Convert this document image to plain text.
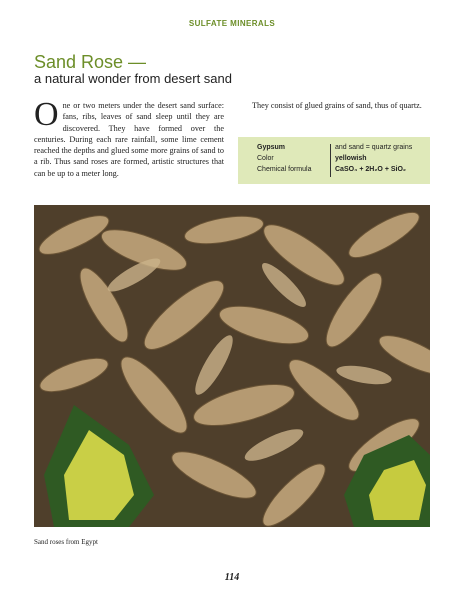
SULFATE MINERALS
Sand Rose —
a natural wonder from desert sand
O ne or two meters under the desert sand surface: fans, ribs, leaves of sand sleep until they are discovered. They have formed over the centuries. During each rare rainfall, some lime cement reached the depths and glued some more grains of sand to a rib. Thus sand roses are formed, artistic structures that can be up to a meter long.

They consist of glued grains of sand, thus of quartz.

Gypsum	and sand = quartz grains
Color	yellowish
Chemical formula	CaSO₄ + 2H₂O + SiO₂
Sand roses from Egypt
114
